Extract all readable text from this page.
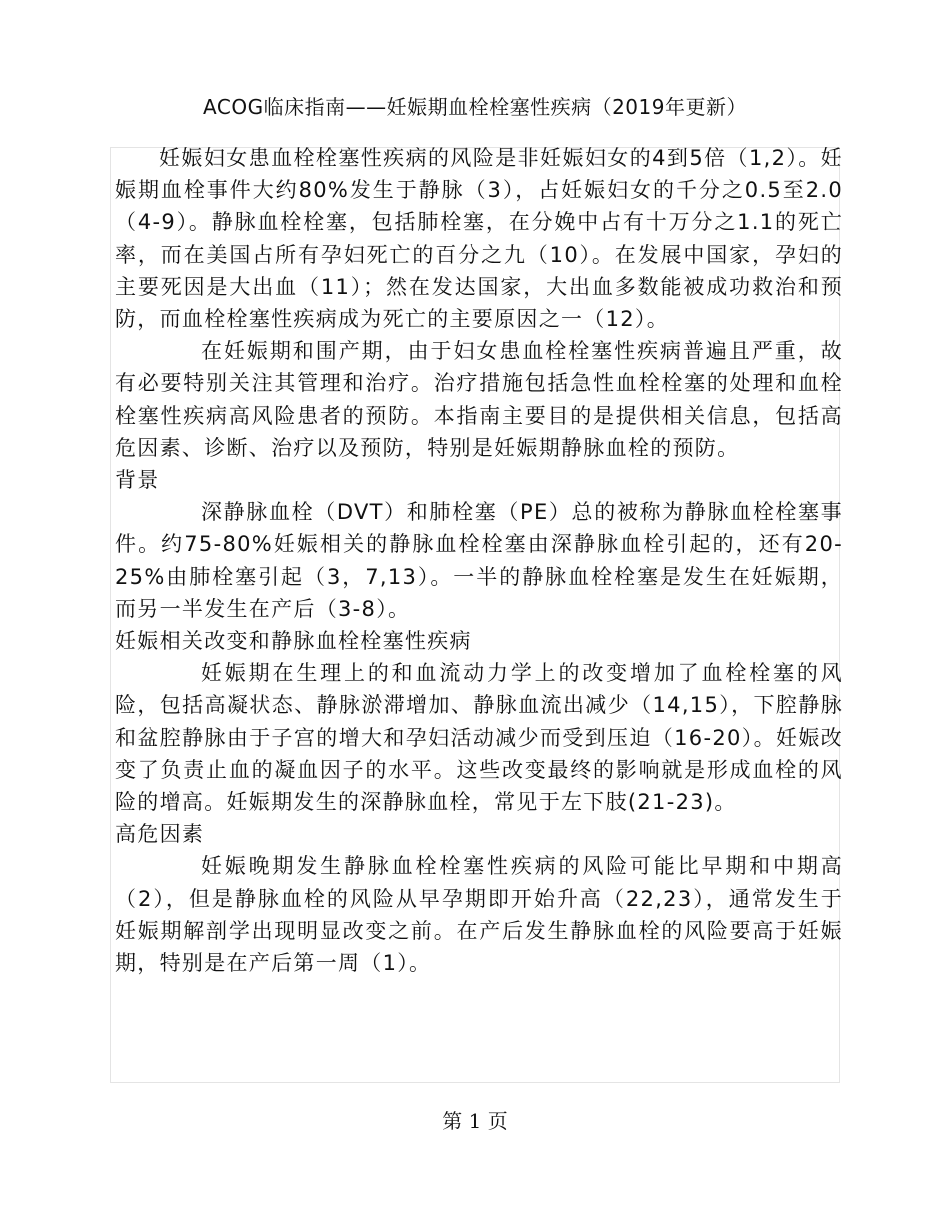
ACOG临床指南——妊娠期血栓栓塞性疾病（2019年更新）

妊娠妇女患血栓栓塞性疾病的风险是非妊娠妇女的4到5倍（1,2）。妊娠期血栓事件大约80%发生于静脉（3），占妊娠妇女的千分之0.5至2.0（4-9）。静脉血栓栓塞，包括肺栓塞，在分娩中占有十万分之1.1的死亡率，而在美国占所有孕妇死亡的百分之九（10）。在发展中国家，孕妇的主要死因是大出血（11）；然在发达国家，大出血多数能被成功救治和预防，而血栓栓塞性疾病成为死亡的主要原因之一（12）。

在妊娠期和围产期，由于妇女患血栓栓塞性疾病普遍且严重，故有必要特别关注其管理和治疗。治疗措施包括急性血栓栓塞的处理和血栓栓塞性疾病高风险患者的预防。本指南主要目的是提供相关信息，包括高危因素、诊断、治疗以及预防，特别是妊娠期静脉血栓的预防。

背景

深静脉血栓（DVT）和肺栓塞（PE）总的被称为静脉血栓栓塞事件。约75-80%妊娠相关的静脉血栓栓塞由深静脉血栓引起的，还有20-25%由肺栓塞引起（3，7,13）。一半的静脉血栓栓塞是发生在妊娠期，而另一半发生在产后（3-8）。

妊娠相关改变和静脉血栓栓塞性疾病

妊娠期在生理上的和血流动力学上的改变增加了血栓栓塞的风险，包括高凝状态、静脉淤滞增加、静脉血流出减少（14,15），下腔静脉和盆腔静脉由于子宫的增大和孕妇活动减少而受到压迫（16-20）。妊娠改变了负责止血的凝血因子的水平。这些改变最终的影响就是形成血栓的风险的增高。妊娠期发生的深静脉血栓，常见于左下肢(21-23)。

高危因素

妊娠晚期发生静脉血栓栓塞性疾病的风险可能比早期和中期高（2），但是静脉血栓的风险从早孕期即开始升高（22,23），通常发生于妊娠期解剖学出现明显改变之前。在产后发生静脉血栓的风险要高于妊娠期，特别是在产后第一周（1）。

第 1 页
